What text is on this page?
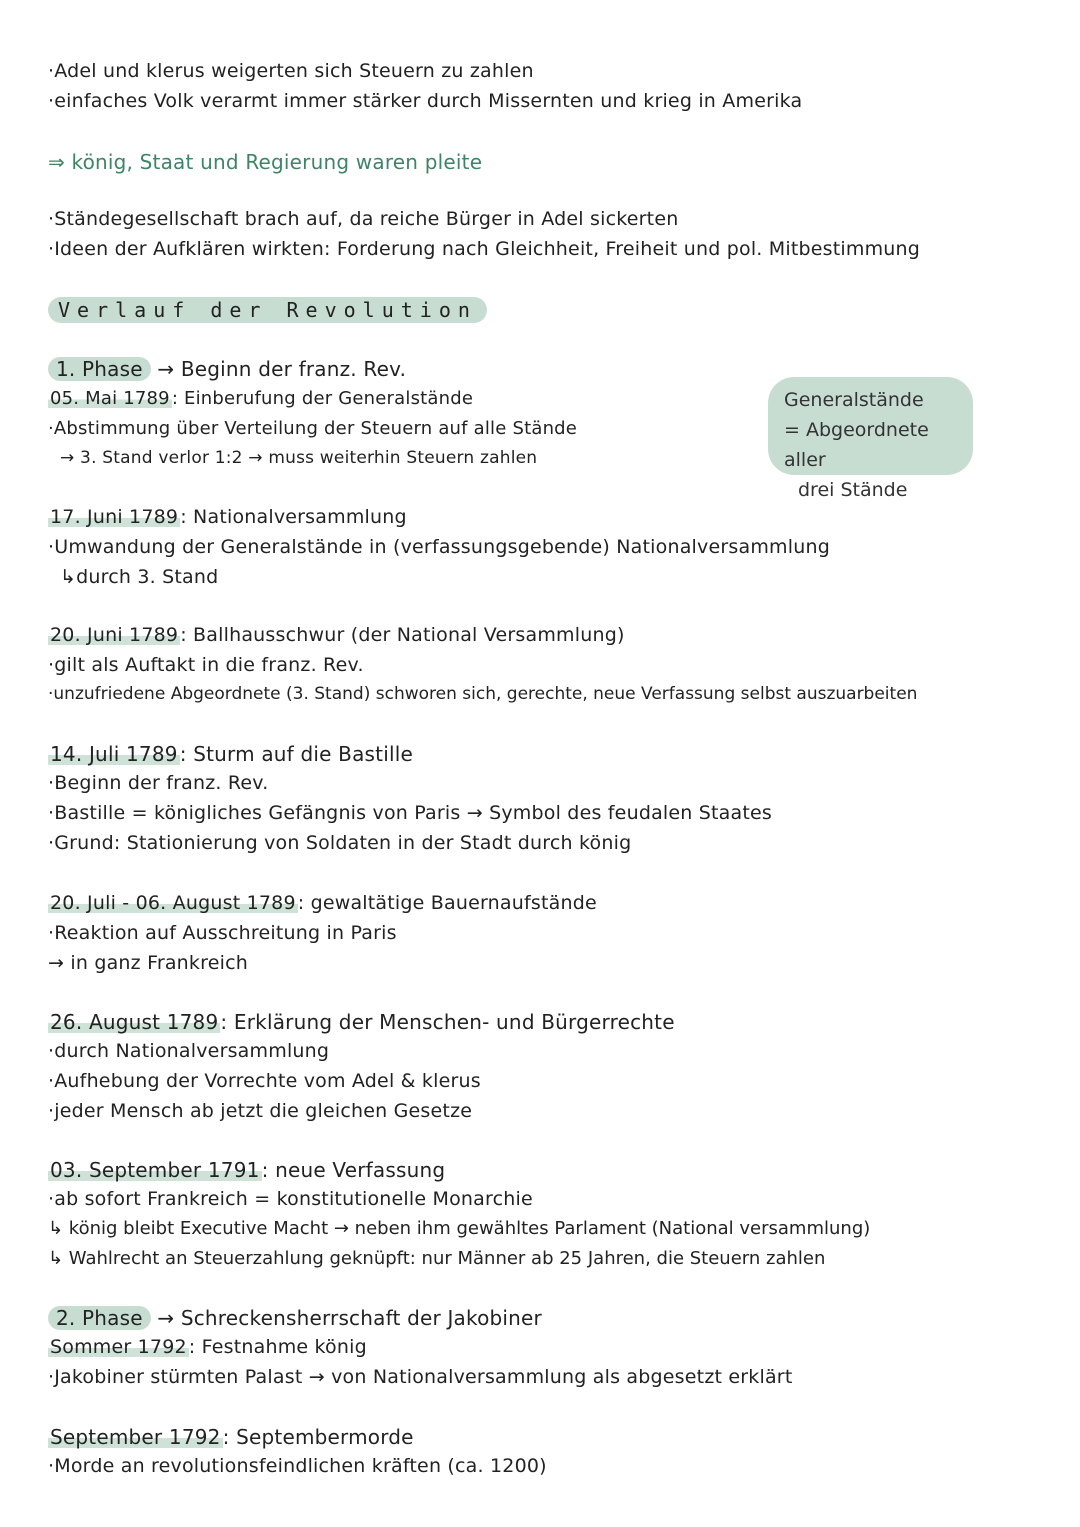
·Adel und klerus weigerten sich Steuern zu zahlen
·einfaches Volk verarmt immer stärker durch Missernten und krieg in Amerika
⇒ könig, Staat und Regierung waren pleite
·Ständegesellschaft brach auf, da reiche Bürger in Adel sickerten
·Ideen der Aufklären wirkten: Forderung nach Gleichheit, Freiheit und pol. Mitbestimmung
Verlauf der Revolution
1. Phase → Beginn der franz. Rev.
Generalstände
= Abgeordnete aller
drei Stände
05. Mai 1789 : Einberufung der Generalstände
·Abstimmung über Verteilung der Steuern auf alle Stände
→ 3. Stand verlor 1:2 → muss weiterhin Steuern zahlen
17. Juni 1789 : Nationalversammlung
·Umwandung der Generalstände in (verfassungsgebende) Nationalversammlung
↳durch 3. Stand
20. Juni 1789 : Ballhausschwur (der National Versammlung)
·gilt als Auftakt in die franz. Rev.
·unzufriedene Abgeordnete (3. Stand) schworen sich, gerechte, neue Verfassung selbst auszuarbeiten
14. Juli 1789 : Sturm auf die Bastille
·Beginn der franz. Rev.
·Bastille = königliches Gefängnis von Paris → Symbol des feudalen Staates
·Grund: Stationierung von Soldaten in der Stadt durch könig
20. Juli - 06. August 1789 : gewaltätige Bauernaufstände
·Reaktion auf Ausschreitung in Paris
→ in ganz Frankreich
26. August 1789 : Erklärung der Menschen- und Bürgerrechte
·durch Nationalversammlung
·Aufhebung der Vorrechte vom Adel & klerus
·jeder Mensch ab jetzt die gleichen Gesetze
03. September 1791 : neue Verfassung
·ab sofort Frankreich = konstitutionelle Monarchie
↳ könig bleibt Executive Macht → neben ihm gewähltes Parlament (National versammlung)
↳ Wahlrecht an Steuerzahlung geknüpft: nur Männer ab 25 Jahren, die Steuern zahlen
2. Phase → Schreckensherrschaft der Jakobiner
Sommer 1792 : Festnahme könig
·Jakobiner stürmten Palast → von Nationalversammlung als abgesetzt erklärt
September 1792 : Septembermorde
·Morde an revolutionsfeindlichen kräften (ca. 1200)
